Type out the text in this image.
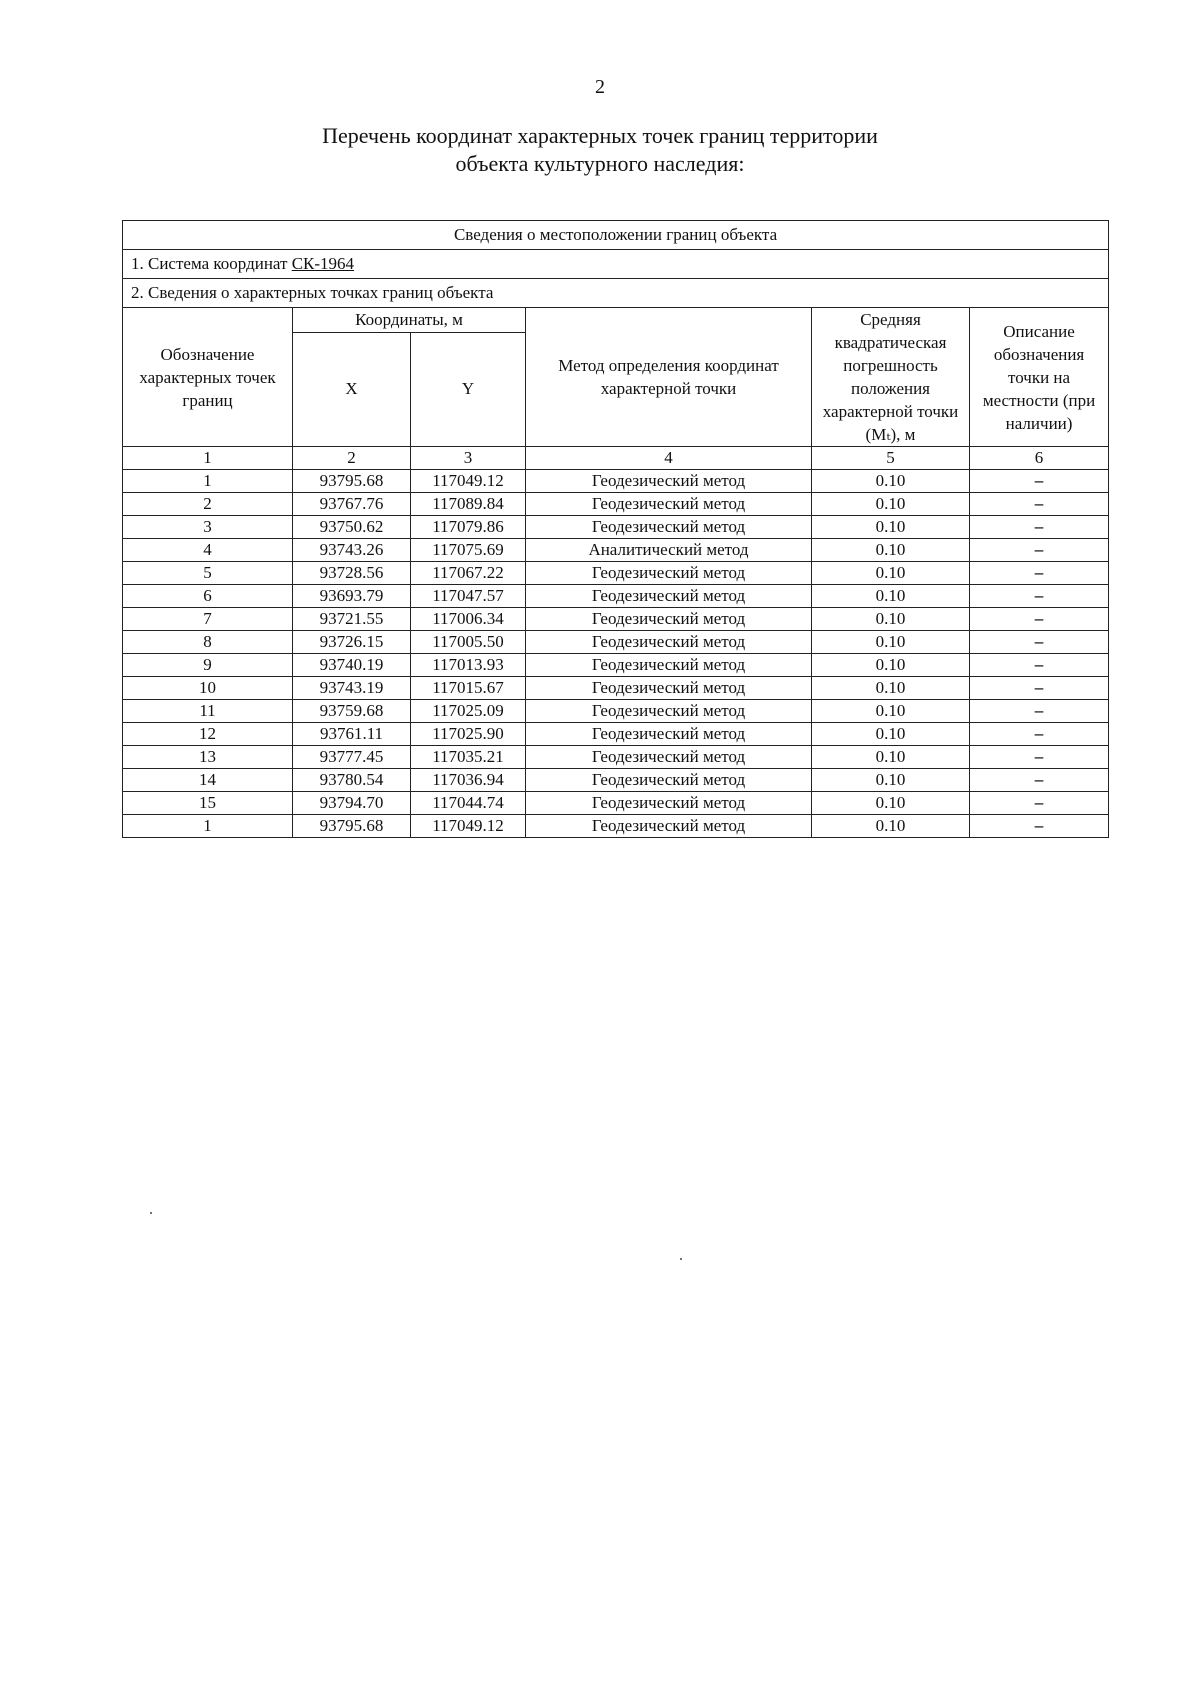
2
Перечень координат характерных точек границ территории
объекта культурного наследия:
Сведения о местоположении границ объекта					
1. Система координат СК-1964					
2. Сведения о характерных точках границ объекта					
Обозначение характерных точек границ	Координаты, м		Метод определения координат характерной точки	Средняя квадратическая погрешность положения характерной точки (Mₜ), м	Описание обозначения точки на местности (при наличии)
	X	Y			
1	2	3	4	5	6
1	93795.68	117049.12	Геодезический метод	0.10	–
2	93767.76	117089.84	Геодезический метод	0.10	–
3	93750.62	117079.86	Геодезический метод	0.10	–
4	93743.26	117075.69	Аналитический метод	0.10	–
5	93728.56	117067.22	Геодезический метод	0.10	–
6	93693.79	117047.57	Геодезический метод	0.10	–
7	93721.55	117006.34	Геодезический метод	0.10	–
8	93726.15	117005.50	Геодезический метод	0.10	–
9	93740.19	117013.93	Геодезический метод	0.10	–
10	93743.19	117015.67	Геодезический метод	0.10	–
11	93759.68	117025.09	Геодезический метод	0.10	–
12	93761.11	117025.90	Геодезический метод	0.10	–
13	93777.45	117035.21	Геодезический метод	0.10	–
14	93780.54	117036.94	Геодезический метод	0.10	–
15	93794.70	117044.74	Геодезический метод	0.10	–
1	93795.68	117049.12	Геодезический метод	0.10	–
